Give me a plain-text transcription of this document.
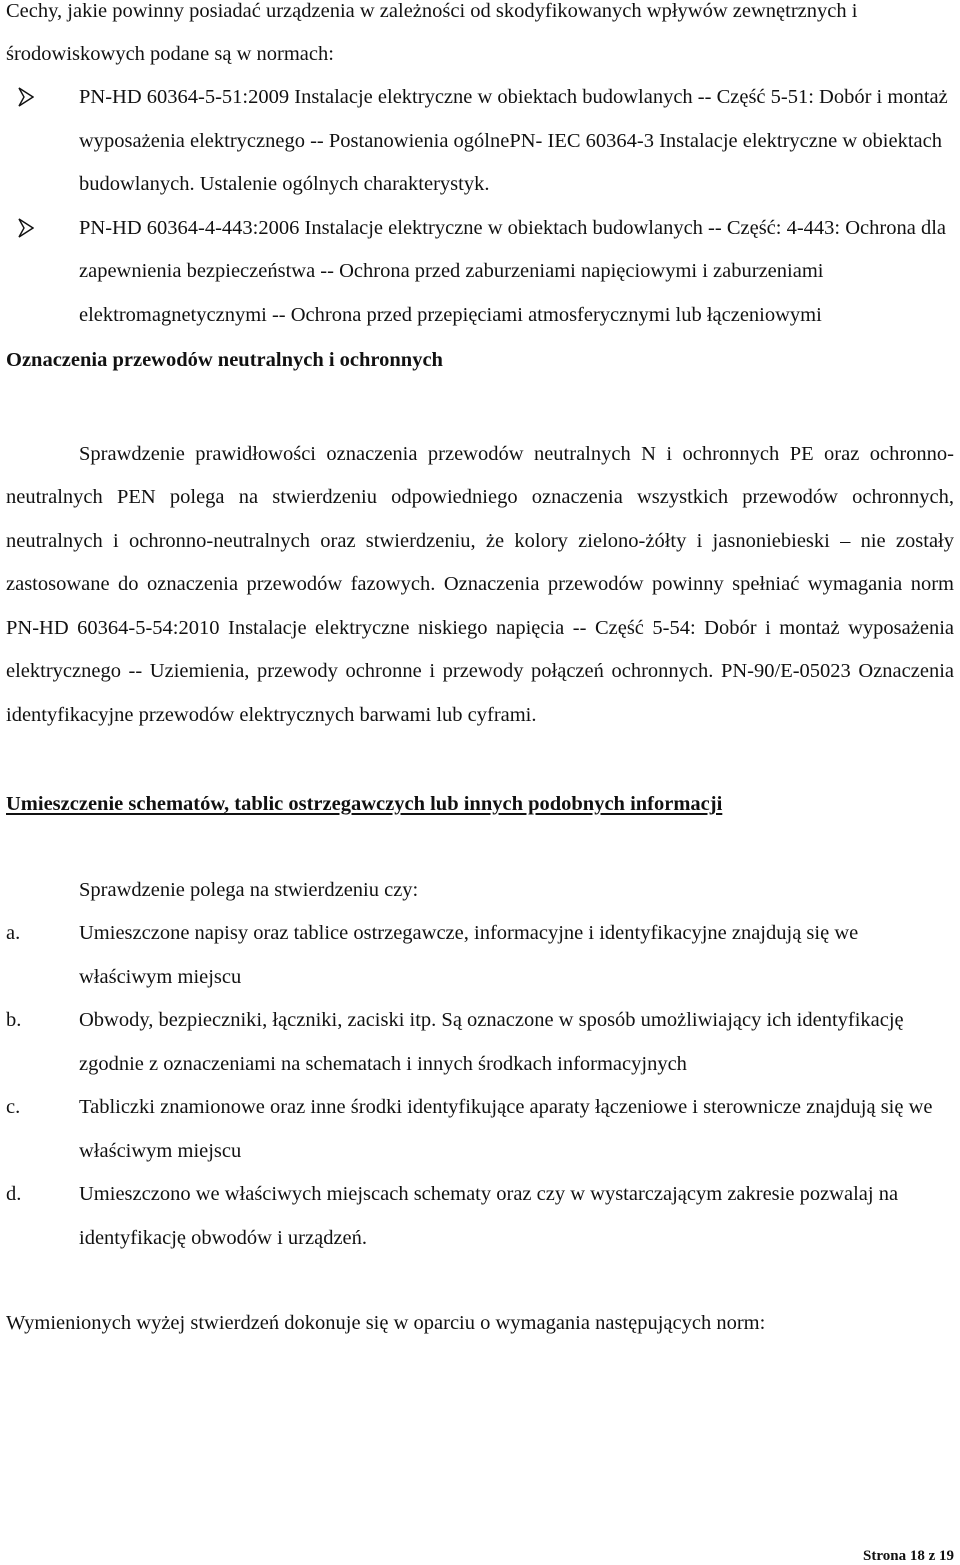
Cechy, jakie powinny posiadać urządzenia w zależności od skodyfikowanych wpływów zewnętrznych i środowiskowych podane są w normach:

PN-HD 60364-5-51:2009 Instalacje elektryczne w obiektach budowlanych -- Część 5-51: Dobór i montaż wyposażenia elektrycznego -- Postanowienia ogólnePN- IEC 60364-3 Instalacje elektryczne w obiektach budowlanych. Ustalenie ogólnych charakterystyk.
PN-HD 60364-4-443:2006 Instalacje elektryczne w obiektach budowlanych -- Część: 4-443: Ochrona dla zapewnienia bezpieczeństwa -- Ochrona przed zaburzeniami napięciowymi i zaburzeniami elektromagnetycznymi -- Ochrona przed przepięciami atmosferycznymi lub łączeniowymi

Oznaczenia przewodów neutralnych i ochronnych

Sprawdzenie prawidłowości oznaczenia przewodów neutralnych N i ochronnych PE oraz ochronno-neutralnych PEN polega na stwierdzeniu odpowiedniego oznaczenia wszystkich przewodów ochronnych, neutralnych i ochronno-neutralnych oraz stwierdzeniu, że kolory zielono-żółty i jasnoniebieski – nie zostały zastosowane do oznaczenia przewodów fazowych. Oznaczenia przewodów powinny spełniać wymagania norm PN-HD 60364-5-54:2010 Instalacje elektryczne niskiego napięcia -- Część 5-54: Dobór i montaż wyposażenia elektrycznego -- Uziemienia, przewody ochronne i przewody połączeń ochronnych. PN-90/E-05023 Oznaczenia identyfikacyjne przewodów elektrycznych barwami lub cyframi.

Umieszczenie schematów, tablic ostrzegawczych lub innych podobnych informacji

Sprawdzenie polega na stwierdzeniu czy:

a.	Umieszczone napisy oraz tablice ostrzegawcze, informacyjne i identyfikacyjne znajdują się we właściwym miejscu
b.	Obwody, bezpieczniki, łączniki, zaciski itp. Są oznaczone w sposób umożliwiający ich identyfikację zgodnie z oznaczeniami na schematach i innych środkach informacyjnych
c.	Tabliczki znamionowe oraz inne środki identyfikujące aparaty łączeniowe i sterownicze znajdują się we właściwym miejscu
d.	Umieszczono we właściwych miejscach schematy oraz czy w wystarczającym zakresie pozwalaj na identyfikację obwodów i urządzeń.

Wymienionych wyżej stwierdzeń dokonuje się w oparciu o wymagania następujących norm:

Strona 18 z 19
